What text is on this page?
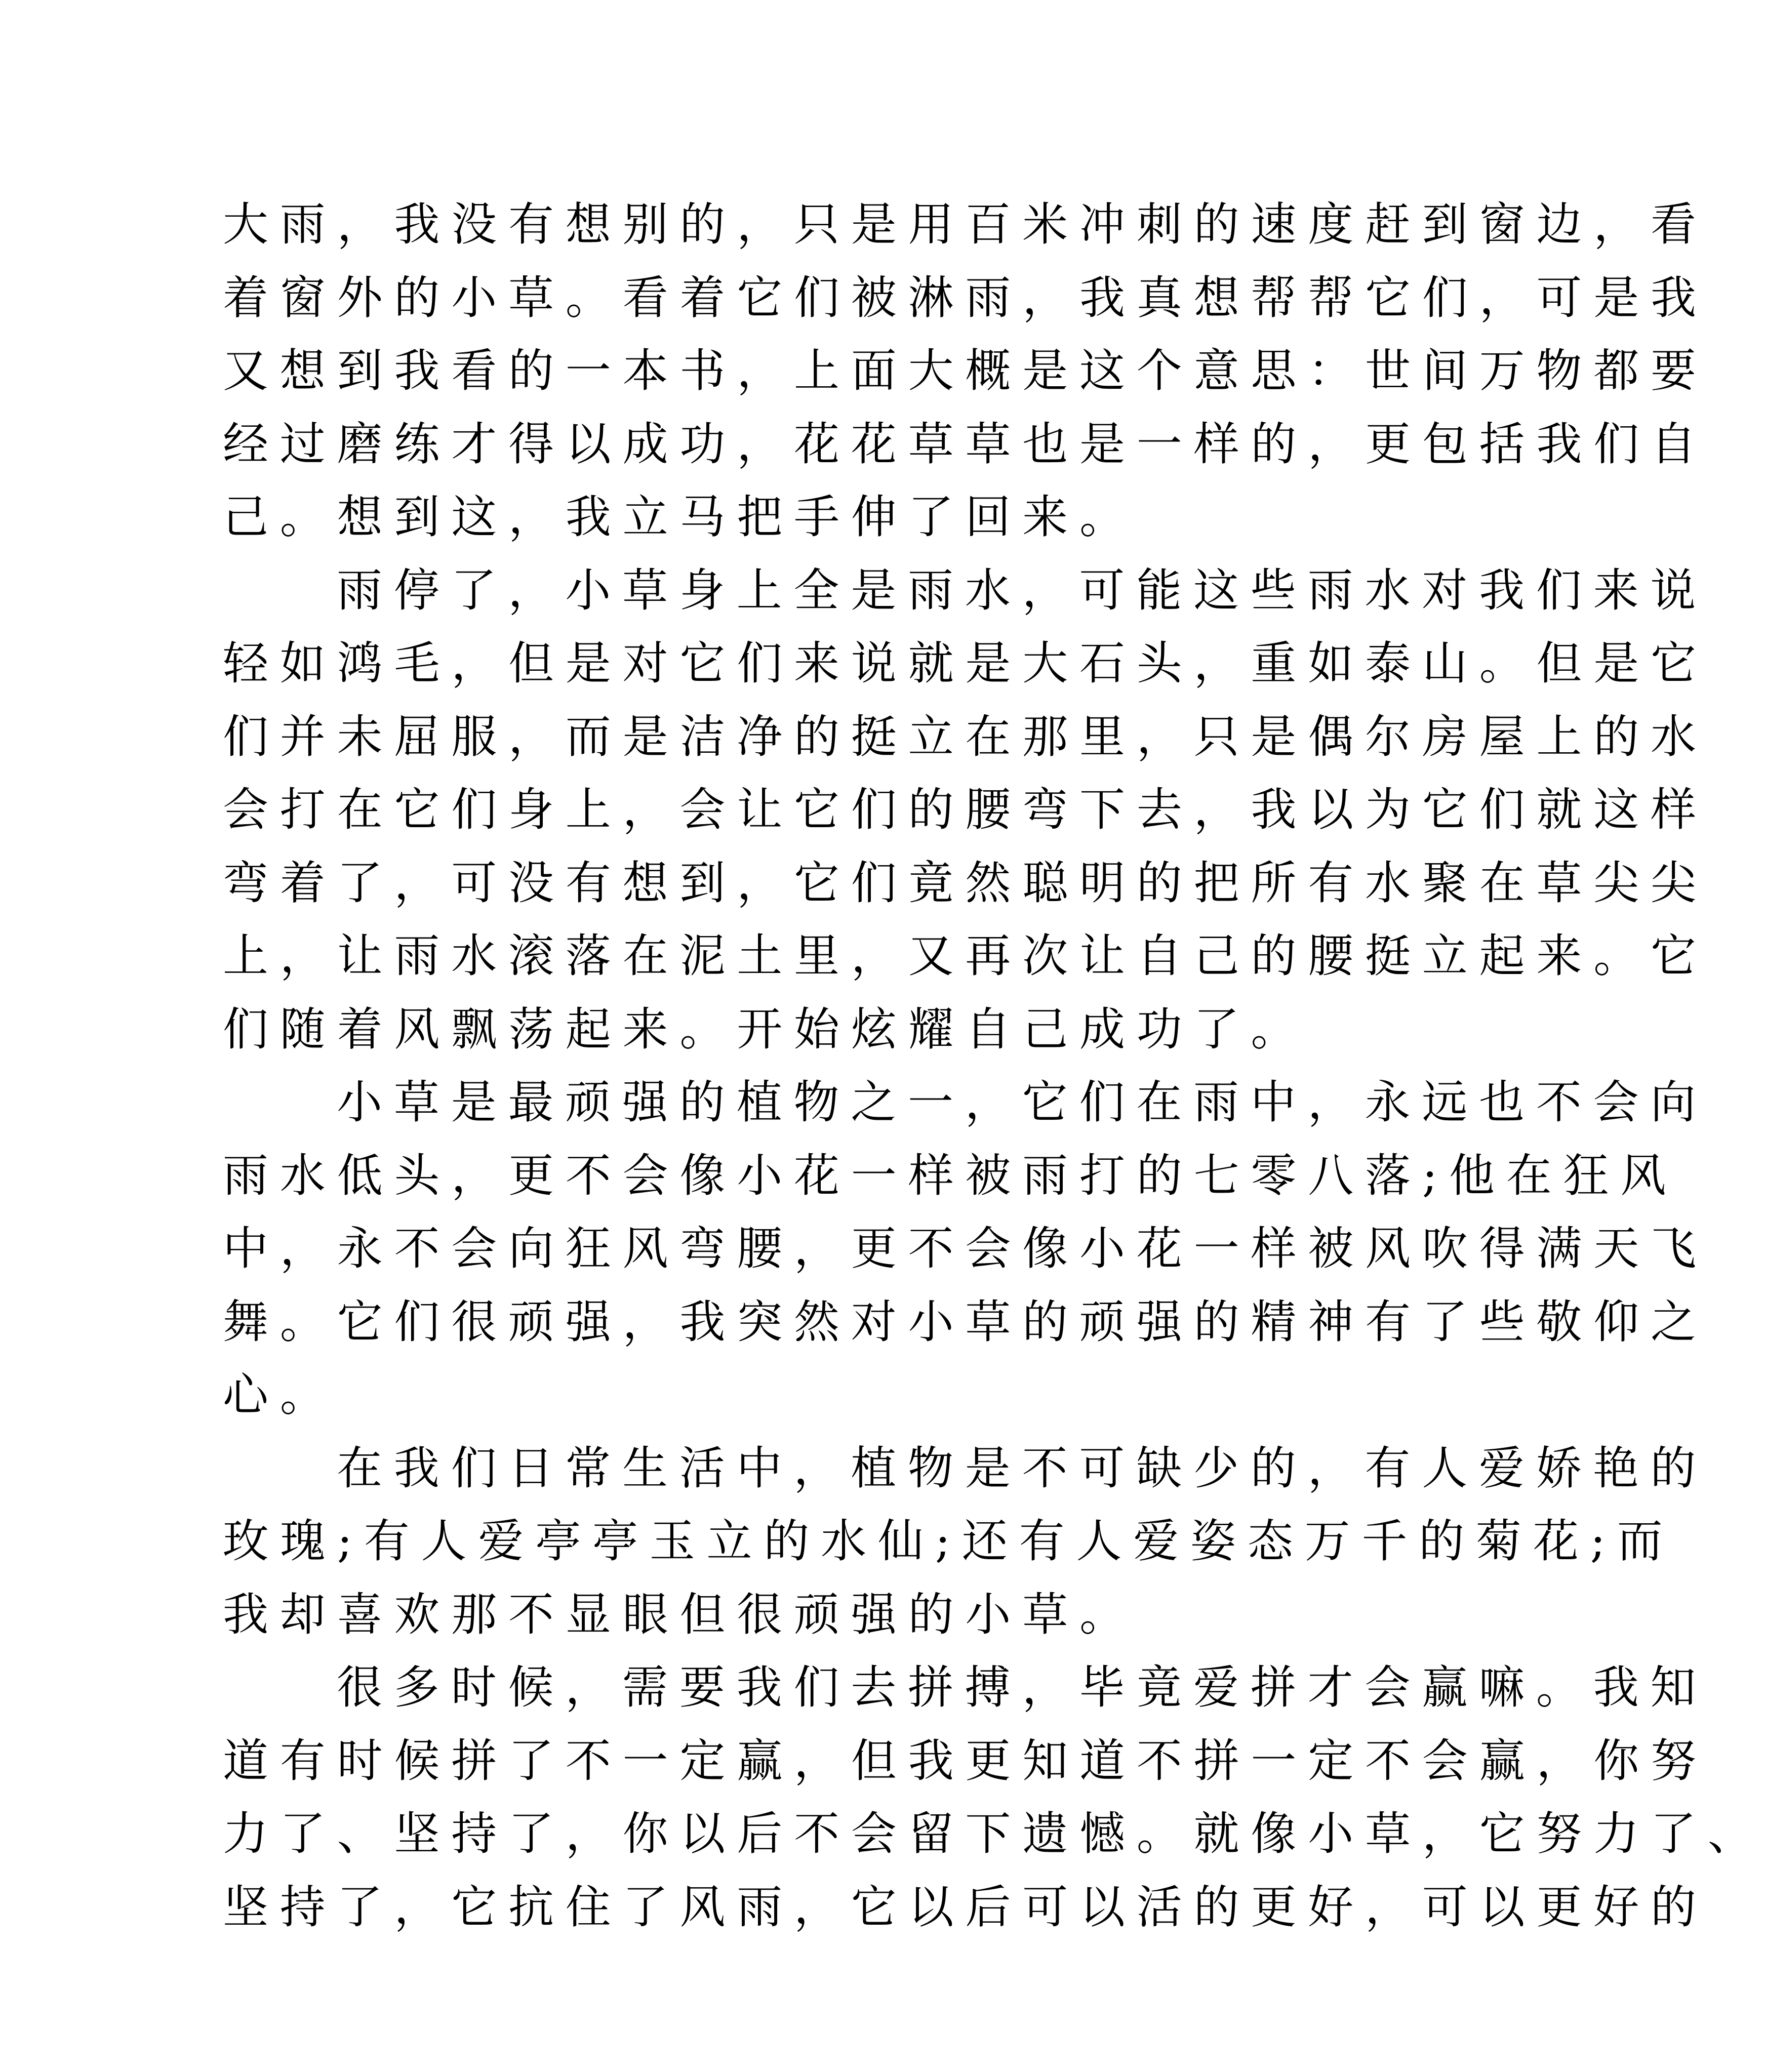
大雨，我没有想别的，只是用百米冲刺的速度赶到窗边，看
着窗外的小草。看着它们被淋雨，我真想帮帮它们，可是我
又想到我看的一本书，上面大概是这个意思：世间万物都要
经过磨练才得以成功，花花草草也是一样的，更包括我们自
己。想到这，我立马把手伸了回来。
雨停了，小草身上全是雨水，可能这些雨水对我们来说
轻如鸿毛，但是对它们来说就是大石头，重如泰山。但是它
们并未屈服，而是洁净的挺立在那里，只是偶尔房屋上的水
会打在它们身上，会让它们的腰弯下去，我以为它们就这样
弯着了，可没有想到，它们竟然聪明的把所有水聚在草尖尖
上，让雨水滚落在泥土里，又再次让自己的腰挺立起来。它
们随着风飘荡起来。开始炫耀自己成功了。
小草是最顽强的植物之一，它们在雨中，永远也不会向
雨水低头，更不会像小花一样被雨打的七零八落;他在狂风
中，永不会向狂风弯腰，更不会像小花一样被风吹得满天飞
舞。它们很顽强，我突然对小草的顽强的精神有了些敬仰之
心。
在我们日常生活中，植物是不可缺少的，有人爱娇艳的
玫瑰;有人爱亭亭玉立的水仙;还有人爱姿态万千的菊花;而
我却喜欢那不显眼但很顽强的小草。
很多时候，需要我们去拼搏，毕竟爱拼才会赢嘛。我知
道有时候拼了不一定赢，但我更知道不拼一定不会赢，你努
力了、坚持了，你以后不会留下遗憾。就像小草，它努力了、
坚持了，它抗住了风雨，它以后可以活的更好，可以更好的
